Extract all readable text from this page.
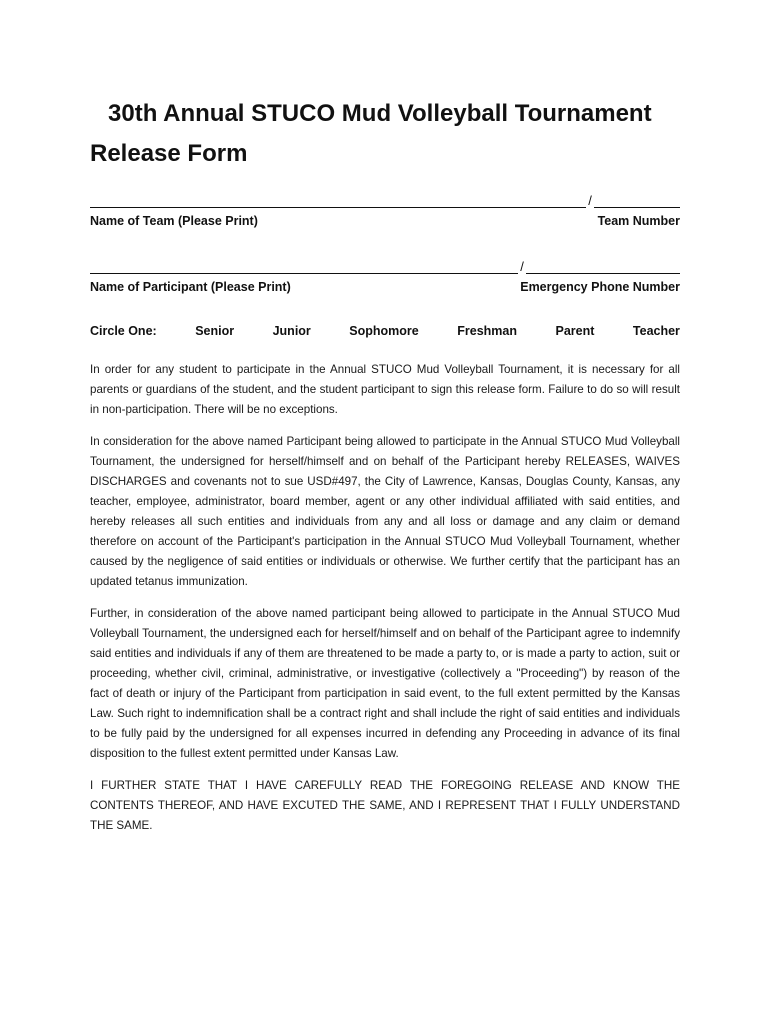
30th Annual STUCO Mud Volleyball Tournament
Release Form
/
Name of Team (Please Print)	Team Number
/
Name of Participant (Please Print)	Emergency Phone Number
Circle One:	Senior	Junior	Sophomore	Freshman	Parent	Teacher

In order for any student to participate in the Annual STUCO Mud Volleyball Tournament, it is necessary for all parents or guardians of the student, and the student participant to sign this release form. Failure to do so will result in non-participation. There will be no exceptions.

In consideration for the above named Participant being allowed to participate in the Annual STUCO Mud Volleyball Tournament, the undersigned for herself/himself and on behalf of the Participant hereby RELEASES, WAIVES DISCHARGES and covenants not to sue USD#497, the City of Lawrence, Kansas, Douglas County, Kansas, any teacher, employee, administrator, board member, agent or any other individual affiliated with said entities, and hereby releases all such entities and individuals from any and all loss or damage and any claim or demand therefore on account of the Participant's participation in the Annual STUCO Mud Volleyball Tournament, whether caused by the negligence of said entities or individuals or otherwise. We further certify that the participant has an updated tetanus immunization.

Further, in consideration of the above named participant being allowed to participate in the Annual STUCO Mud Volleyball Tournament, the undersigned each for herself/himself and on behalf of the Participant agree to indemnify said entities and individuals if any of them are threatened to be made a party to, or is made a party to action, suit or proceeding, whether civil, criminal, administrative, or investigative (collectively a "Proceeding") by reason of the fact of death or injury of the Participant from participation in said event, to the full extent permitted by the Kansas Law. Such right to indemnification shall be a contract right and shall include the right of said entities and individuals to be fully paid by the undersigned for all expenses incurred in defending any Proceeding in advance of its final disposition to the fullest extent permitted under Kansas Law.

I FURTHER STATE THAT I HAVE CAREFULLY READ THE FOREGOING RELEASE AND KNOW THE CONTENTS THEREOF, AND HAVE EXCUTED THE SAME, AND I REPRESENT THAT I FULLY UNDERSTAND THE SAME.
